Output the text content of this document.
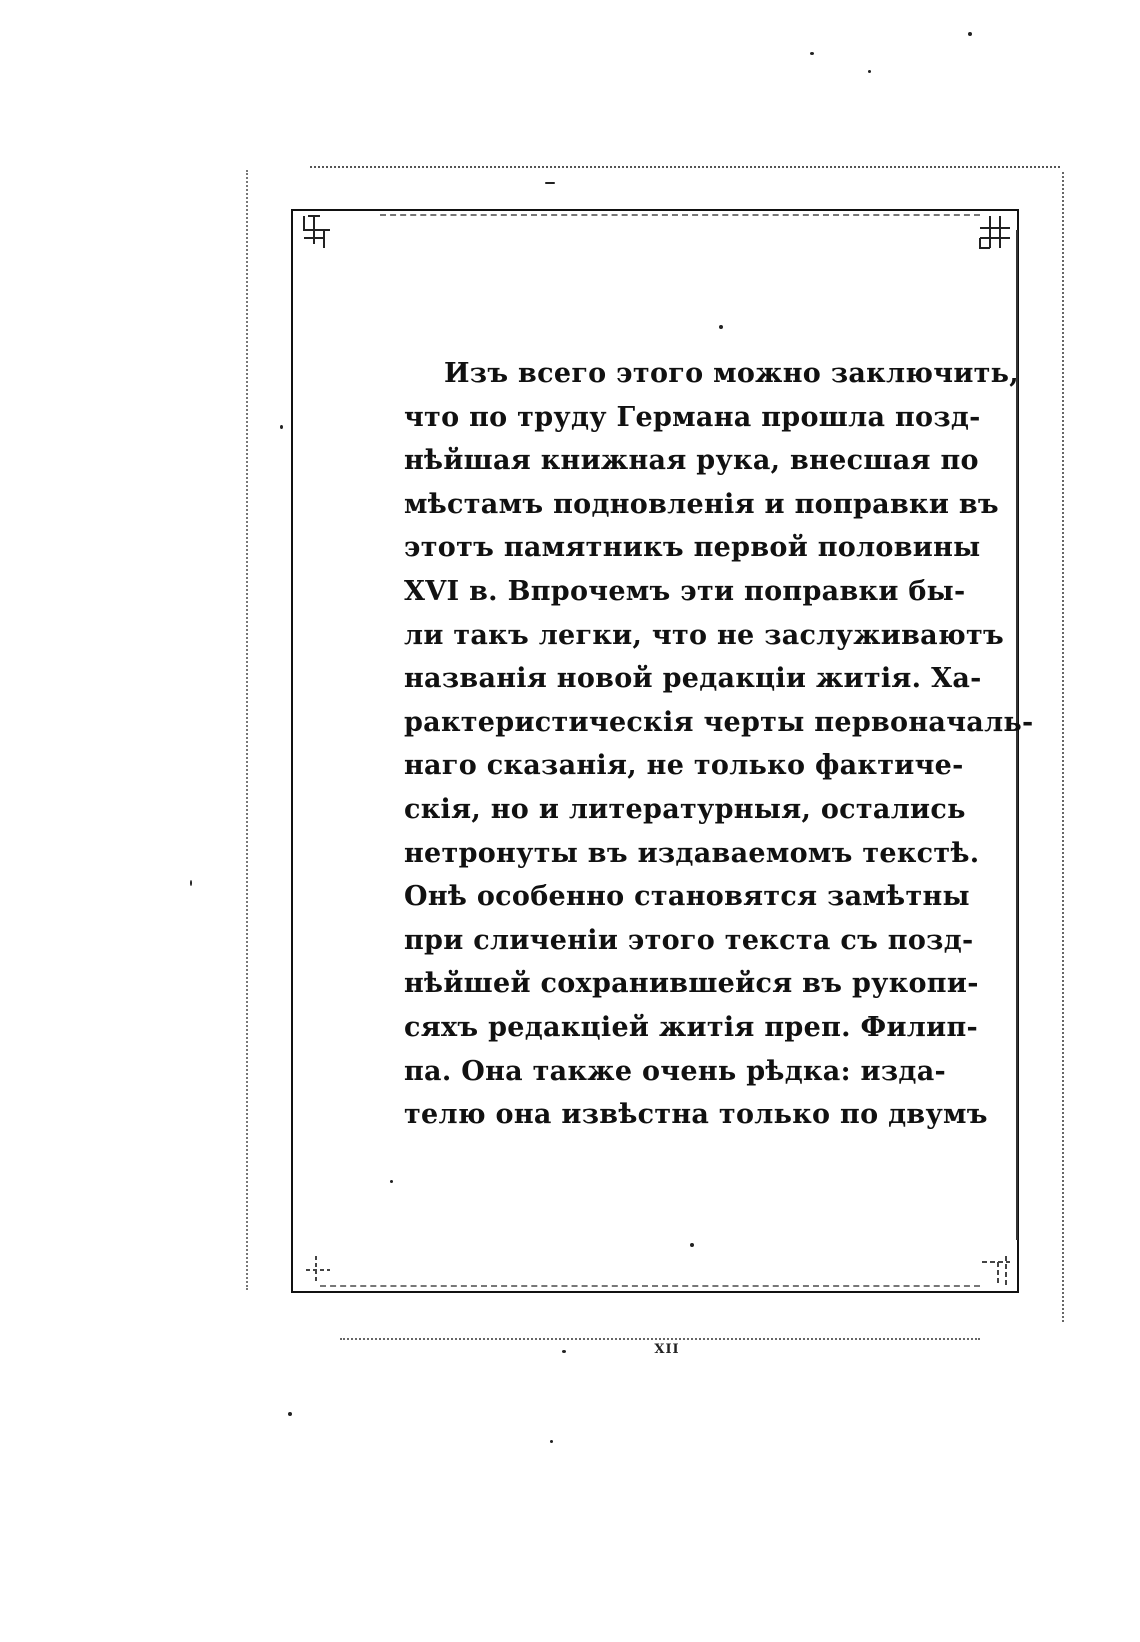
Изъ всего этого можно заключить,
что по труду Германа прошла позд-
нѣйшая книжная рука, внесшая по
мѣстамъ подновленія и поправки въ
этотъ памятникъ первой половины
XVI в. Впрочемъ эти поправки бы-
ли такъ легки, что не заслуживаютъ
названія новой редакціи житія. Ха-
рактеристическія черты первоначаль-
наго сказанія, не только фактиче-
скія, но и литературныя, остались
нетронуты въ издаваемомъ текстѣ.
Онѣ особенно становятся замѣтны
при сличеніи этого текста съ позд-
нѣйшей сохранившейся въ рукопи-
сяхъ редакціей житія преп. Филип-
па. Она также очень рѣдка: изда-
телю она извѣстна только по двумъ
XII
